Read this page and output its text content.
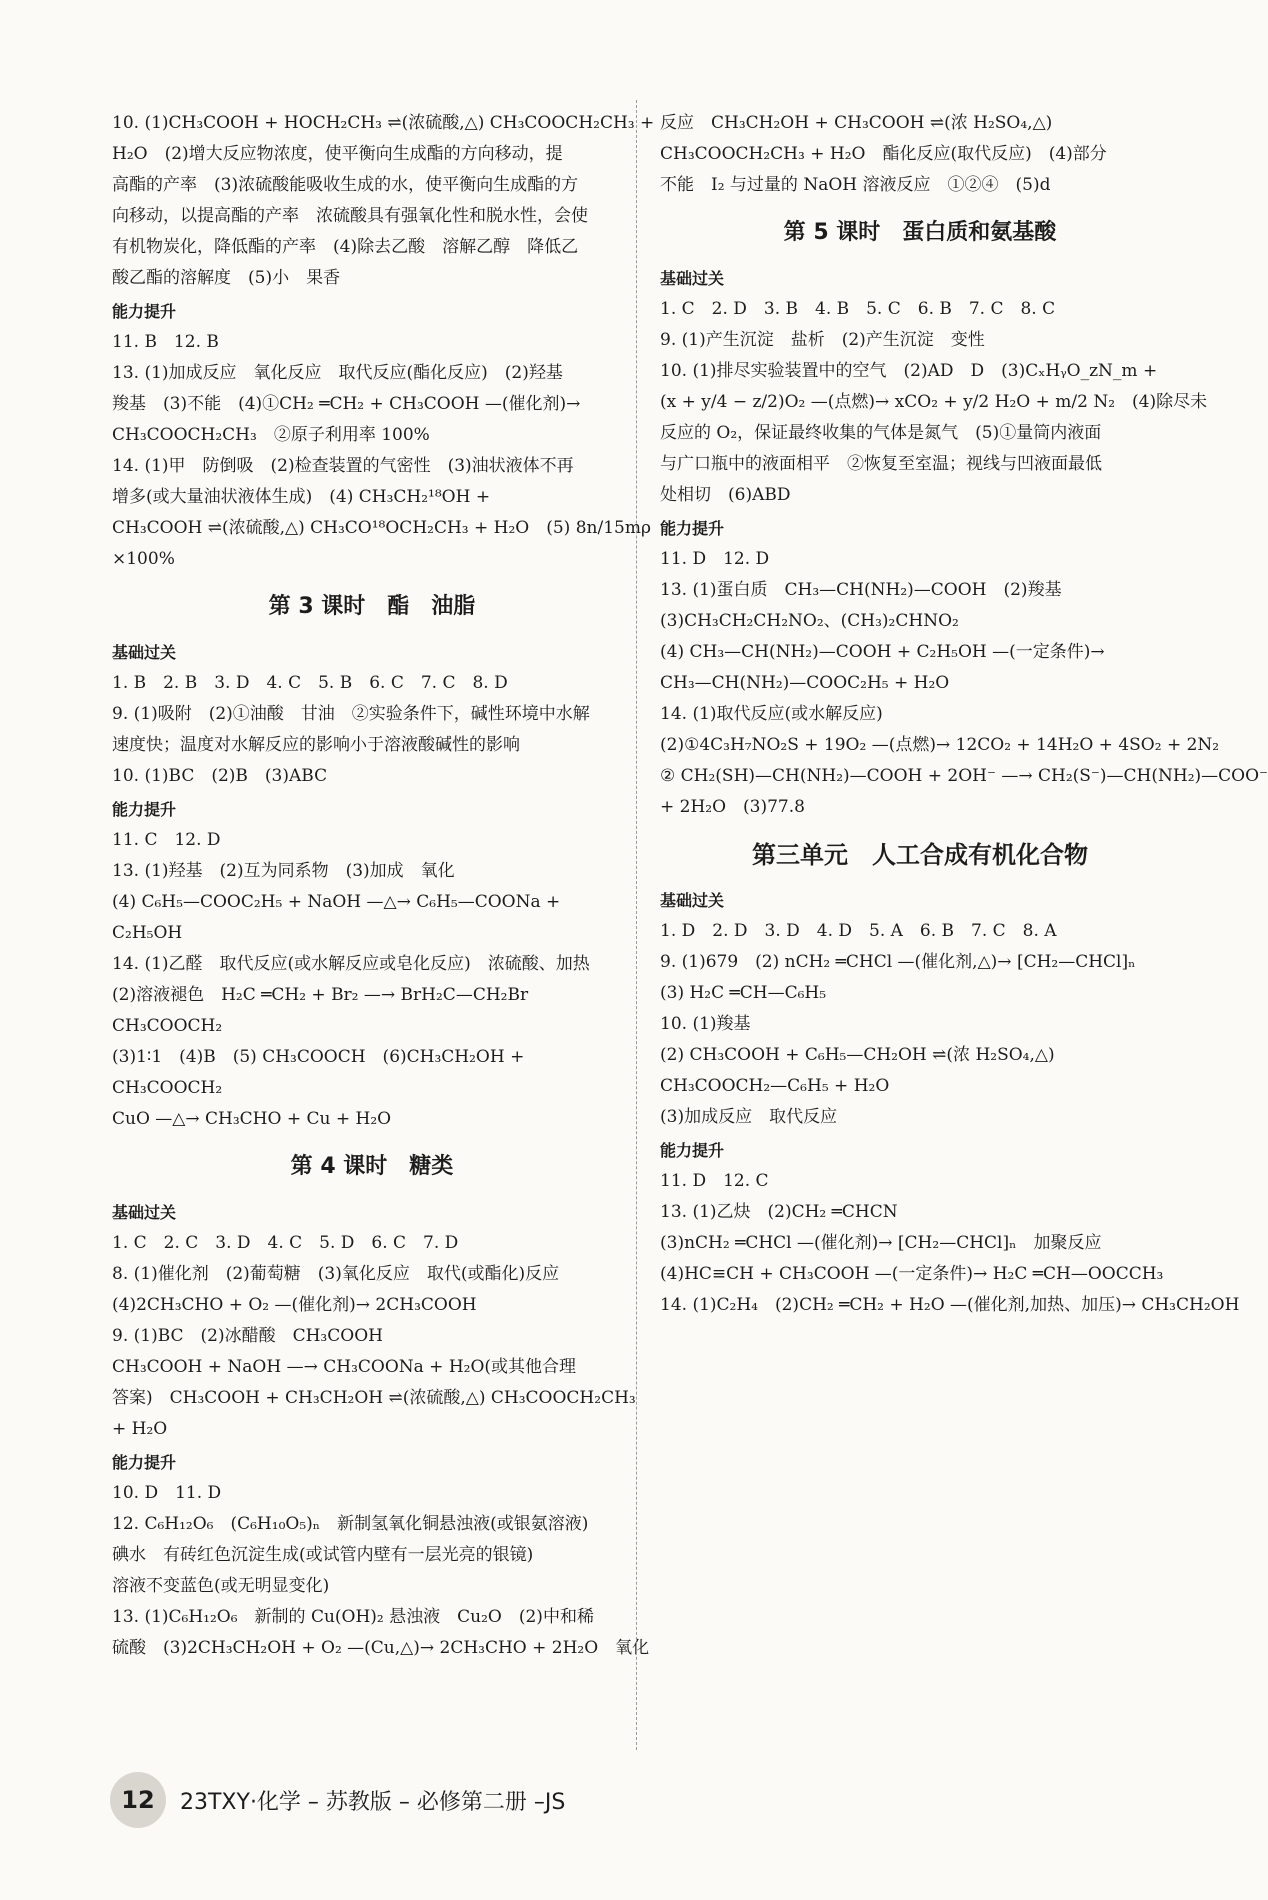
10. (1)CH₃COOH + HOCH₂CH₃ ⇌(浓硫酸,△) CH₃COOCH₂CH₃ +
H₂O　(2)增大反应物浓度，使平衡向生成酯的方向移动，提
高酯的产率　(3)浓硫酸能吸收生成的水，使平衡向生成酯的方
向移动，以提高酯的产率　浓硫酸具有强氧化性和脱水性，会使
有机物炭化，降低酯的产率　(4)除去乙酸　溶解乙醇　降低乙
酸乙酯的溶解度　(5)小　果香
能力提升
11. B　12. B
13. (1)加成反应　氧化反应　取代反应(酯化反应)　(2)羟基
羧基　(3)不能　(4)①CH₂ ═CH₂ + CH₃COOH —(催化剂)→
CH₃COOCH₂CH₃　②原子利用率 100%
14. (1)甲　防倒吸　(2)检查装置的气密性　(3)油状液体不再
增多(或大量油状液体生成)　(4) CH₃CH₂¹⁸OH +
CH₃COOH ⇌(浓硫酸,△) CH₃CO¹⁸OCH₂CH₃ + H₂O　(5) 8n/15mρ
×100%
第 3 课时　酯　油脂
基础过关
1. B　2. B　3. D　4. C　5. B　6. C　7. C　8. D
9. (1)吸附　(2)①油酸　甘油　②实验条件下，碱性环境中水解
速度快；温度对水解反应的影响小于溶液酸碱性的影响
10. (1)BC　(2)B　(3)ABC
能力提升
11. C　12. D
13. (1)羟基　(2)互为同系物　(3)加成　氧化
(4) C₆H₅—COOC₂H₅ + NaOH —△→ C₆H₅—COONa +
C₂H₅OH
14. (1)乙醛　取代反应(或水解反应或皂化反应)　浓硫酸、加热
(2)溶液褪色　H₂C ═CH₂ + Br₂ —→ BrH₂C—CH₂Br
CH₃COOCH₂
(3)1∶1　(4)B　(5) CH₃COOCH　(6)CH₃CH₂OH +
CH₃COOCH₂
CuO —△→ CH₃CHO + Cu + H₂O
第 4 课时　糖类
基础过关
1. C　2. C　3. D　4. C　5. D　6. C　7. D
8. (1)催化剂　(2)葡萄糖　(3)氧化反应　取代(或酯化)反应
(4)2CH₃CHO + O₂ —(催化剂)→ 2CH₃COOH
9. (1)BC　(2)冰醋酸　CH₃COOH
CH₃COOH + NaOH —→ CH₃COONa + H₂O(或其他合理
答案)　CH₃COOH + CH₃CH₂OH ⇌(浓硫酸,△) CH₃COOCH₂CH₃
+ H₂O
能力提升
10. D　11. D
12. C₆H₁₂O₆　(C₆H₁₀O₅)ₙ　新制氢氧化铜悬浊液(或银氨溶液)
碘水　有砖红色沉淀生成(或试管内壁有一层光亮的银镜)
溶液不变蓝色(或无明显变化)
13. (1)C₆H₁₂O₆　新制的 Cu(OH)₂ 悬浊液　Cu₂O　(2)中和稀
硫酸　(3)2CH₃CH₂OH + O₂ —(Cu,△)→ 2CH₃CHO + 2H₂O　氧化
反应　CH₃CH₂OH + CH₃COOH ⇌(浓 H₂SO₄,△)
CH₃COOCH₂CH₃ + H₂O　酯化反应(取代反应)　(4)部分
不能　I₂ 与过量的 NaOH 溶液反应　①②④　(5)d
第 5 课时　蛋白质和氨基酸
基础过关
1. C　2. D　3. B　4. B　5. C　6. B　7. C　8. C
9. (1)产生沉淀　盐析　(2)产生沉淀　变性
10. (1)排尽实验装置中的空气　(2)AD　D　(3)CₓHᵧO_zN_m +
(x + y/4 − z/2)O₂ —(点燃)→ xCO₂ + y/2 H₂O + m/2 N₂　(4)除尽未
反应的 O₂，保证最终收集的气体是氮气　(5)①量筒内液面
与广口瓶中的液面相平　②恢复至室温；视线与凹液面最低
处相切　(6)ABD
能力提升
11. D　12. D
13. (1)蛋白质　CH₃—CH(NH₂)—COOH　(2)羧基
(3)CH₃CH₂CH₂NO₂、(CH₃)₂CHNO₂
(4) CH₃—CH(NH₂)—COOH + C₂H₅OH —(一定条件)→
CH₃—CH(NH₂)—COOC₂H₅ + H₂O
14. (1)取代反应(或水解反应)
(2)①4C₃H₇NO₂S + 19O₂ —(点燃)→ 12CO₂ + 14H₂O + 4SO₂ + 2N₂
② CH₂(SH)—CH(NH₂)—COOH + 2OH⁻ —→ CH₂(S⁻)—CH(NH₂)—COO⁻
+ 2H₂O　(3)77.8
第三单元　人工合成有机化合物
基础过关
1. D　2. D　3. D　4. D　5. A　6. B　7. C　8. A
9. (1)679　(2) nCH₂ ═CHCl —(催化剂,△)→ [CH₂—CHCl]ₙ
(3) H₂C ═CH—C₆H₅
10. (1)羧基
(2) CH₃COOH + C₆H₅—CH₂OH ⇌(浓 H₂SO₄,△)
CH₃COOCH₂—C₆H₅ + H₂O
(3)加成反应　取代反应
能力提升
11. D　12. C
13. (1)乙炔　(2)CH₂ ═CHCN
(3)nCH₂ ═CHCl —(催化剂)→ [CH₂—CHCl]ₙ　加聚反应
(4)HC≡CH + CH₃COOH —(一定条件)→ H₂C ═CH—OOCCH₃
14. (1)C₂H₄　(2)CH₂ ═CH₂ + H₂O —(催化剂,加热、加压)→ CH₃CH₂OH
12	23TXY·化学 – 苏教版 – 必修第二册 –JS
